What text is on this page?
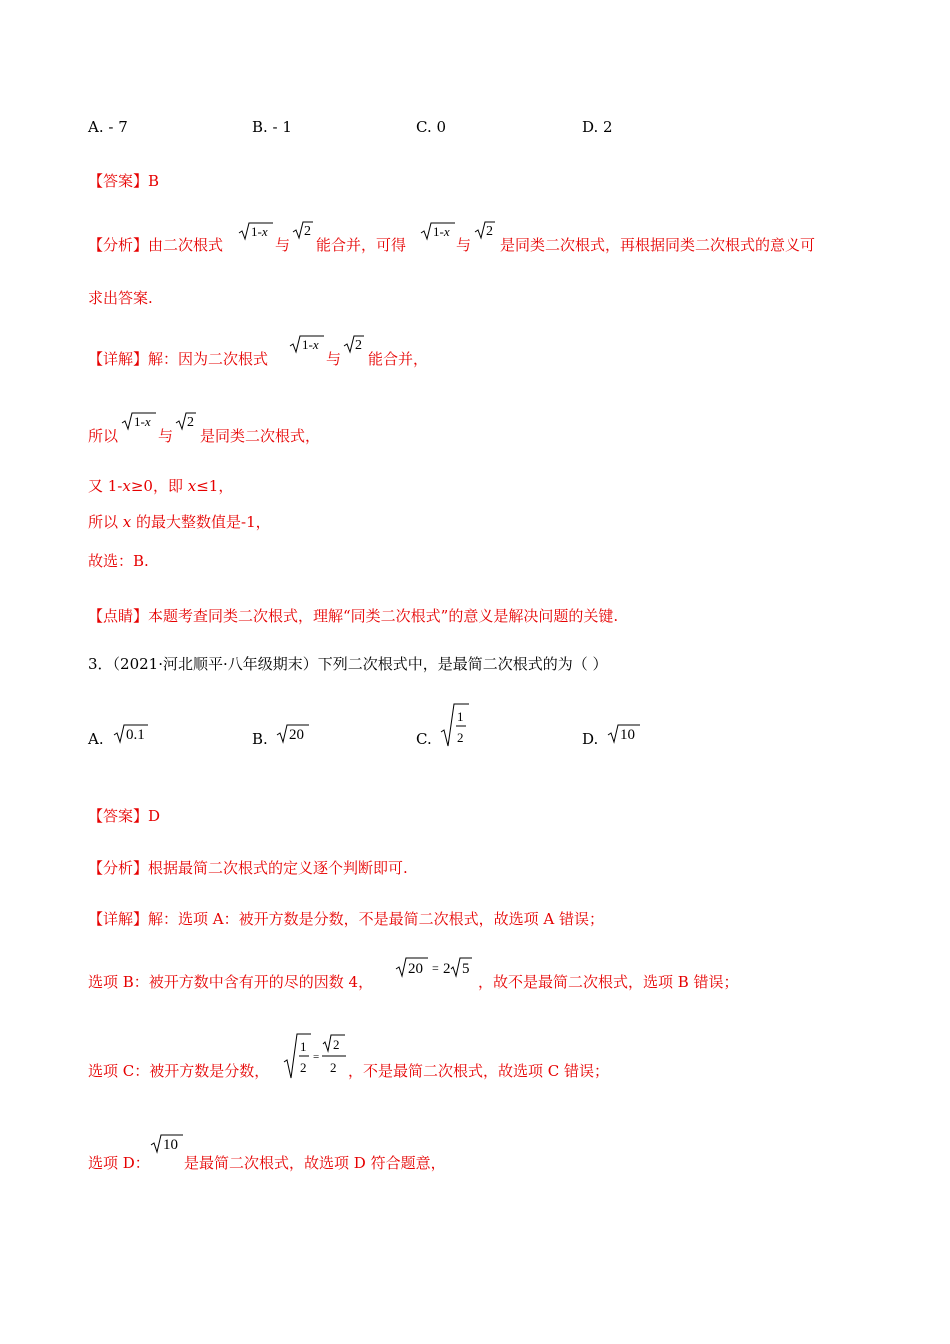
A. - 7	B. - 1	C. 0	D. 2
【答案】B
【分析】由二次根式
1-x
与
2
能合并，可得
1-x
与
2
是同类二次根式，再根据同类二次根式的意义可
求出答案.
【详解】解：因为二次根式
1-x
与
2
能合并，
所以
1-x
与
2
是同类二次根式，
又 1-x≥0，即 x≤1，
所以 x 的最大整数值是-1，
故选：B.
【点睛】本题考查同类二次根式，理解“同类二次根式”的意义是解决问题的关键.
3．（2021·河北顺平·八年级期末）下列二次根式中，是最简二次根式的为（ ）
A. 0.1	B. 20	C.
1
2	D. 10
【答案】D
【分析】根据最简二次根式的定义逐个判断即可.
【详解】解：选项 A：被开方数是分数，不是最简二次根式，故选项 A 错误；
选项 B：被开方数中含有开的尽的因数 4，
20 = 2 5
，故不是最简二次根式，选项 B 错误；
选项 C：被开方数是分数，
1
2
=
2
2 ，不是最简二次根式，故选项 C 错误；
选项 D：
10
是最简二次根式，故选项 D 符合题意，
